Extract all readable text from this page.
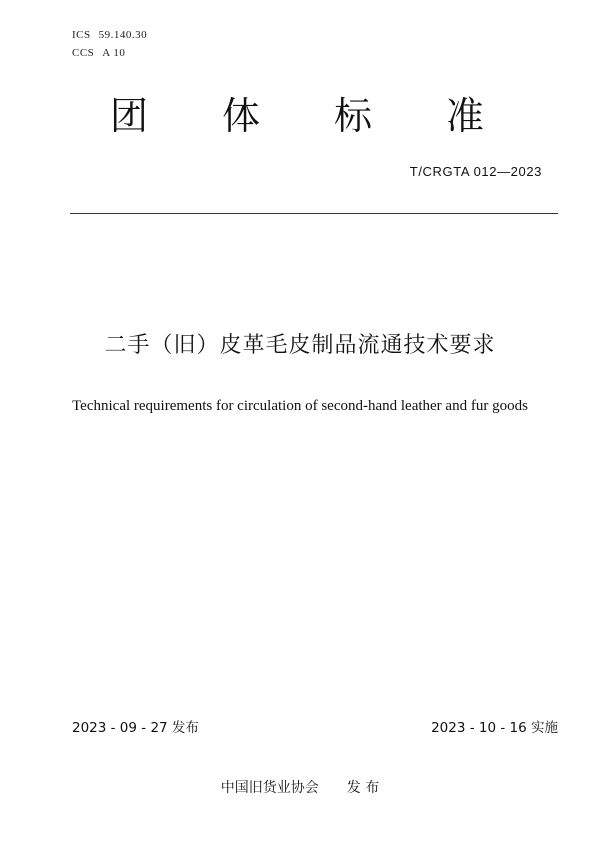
ICS 59.140.30
CCS A 10
团 体 标 准
T/CRGTA 012—2023
二手（旧）皮革毛皮制品流通技术要求
Technical requirements for circulation of second-hand leather and fur goods
2023 - 09 - 27 发布	2023 - 10 - 16 实施
中国旧货业协会 发 布
